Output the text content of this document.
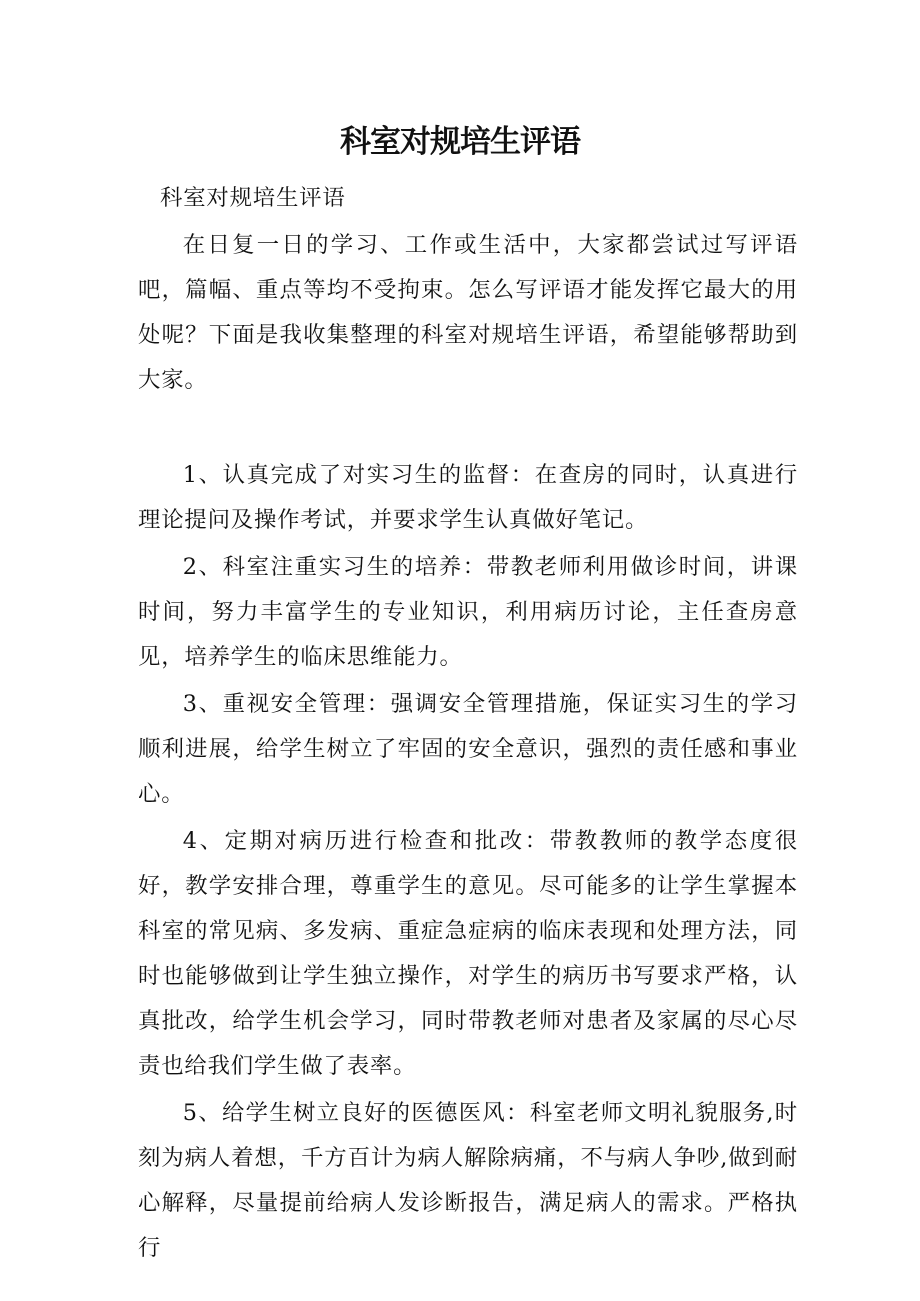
科室对规培生评语

科室对规培生评语

在日复一日的学习、工作或生活中，大家都尝试过写评语吧，篇幅、重点等均不受拘束。怎么写评语才能发挥它最大的用处呢？下面是我收集整理的科室对规培生评语，希望能够帮助到大家。

1、认真完成了对实习生的监督：在查房的同时，认真进行理论提问及操作考试，并要求学生认真做好笔记。

2、科室注重实习生的培养：带教老师利用做诊时间，讲课时间，努力丰富学生的专业知识，利用病历讨论，主任查房意见，培养学生的临床思维能力。

3、重视安全管理：强调安全管理措施，保证实习生的学习顺利进展，给学生树立了牢固的安全意识，强烈的责任感和事业心。

4、定期对病历进行检查和批改：带教教师的教学态度很好，教学安排合理，尊重学生的意见。尽可能多的让学生掌握本科室的常见病、多发病、重症急症病的临床表现和处理方法，同时也能够做到让学生独立操作，对学生的病历书写要求严格，认真批改，给学生机会学习，同时带教老师对患者及家属的尽心尽责也给我们学生做了表率。

5、给学生树立良好的医德医风：科室老师文明礼貌服务,时刻为病人着想，千方百计为病人解除病痛，不与病人争吵,做到耐心解释，尽量提前给病人发诊断报告，满足病人的需求。严格执行
